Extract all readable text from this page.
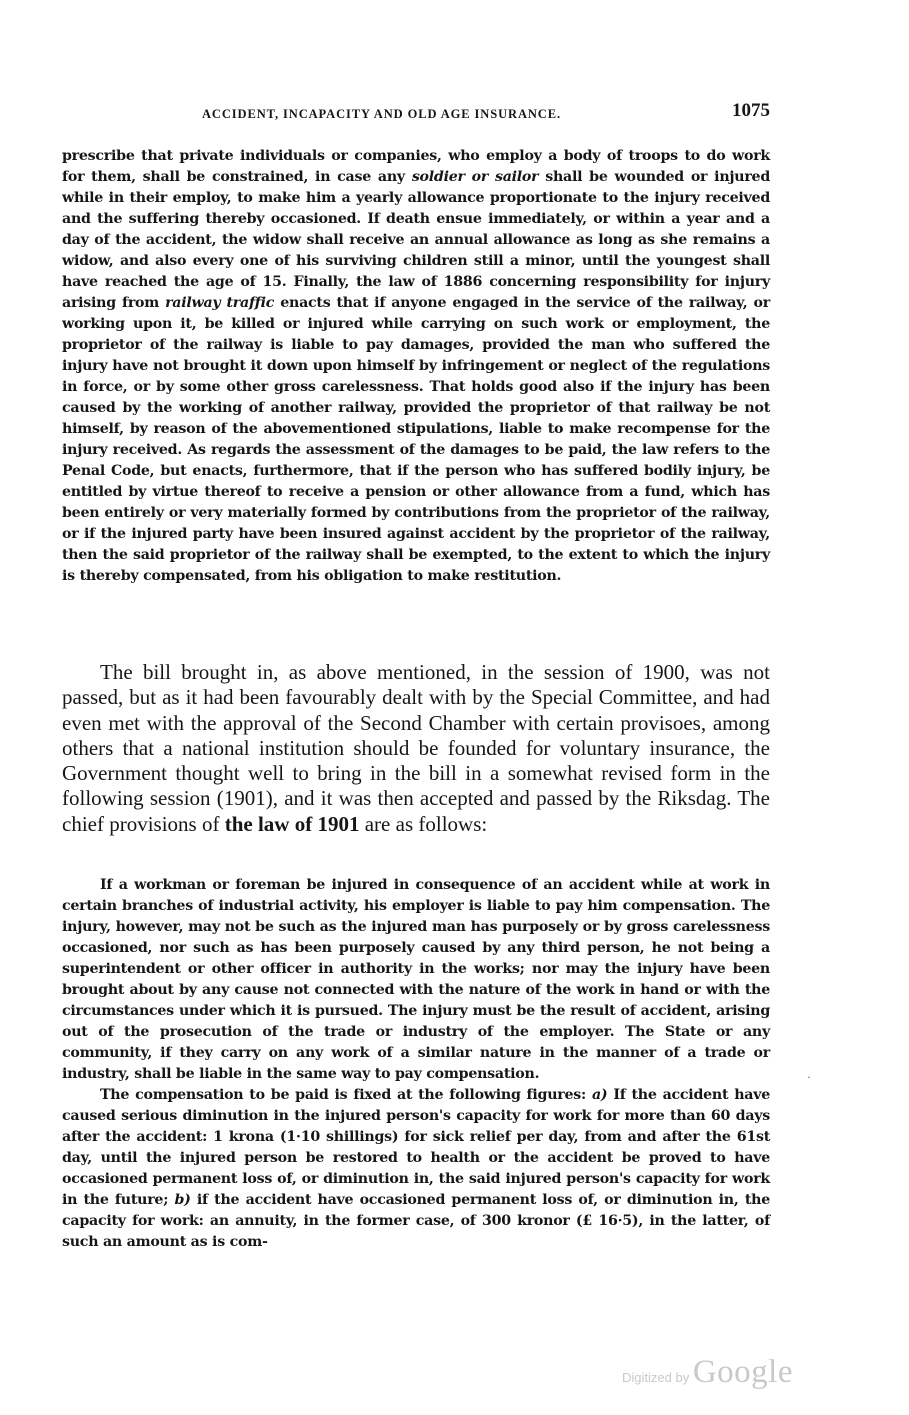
ACCIDENT, INCAPACITY AND OLD AGE INSURANCE.	1075

prescribe that private individuals or companies, who employ a body of troops to do work for them, shall be constrained, in case any soldier or sailor shall be wounded or injured while in their employ, to make him a yearly allowance proportionate to the injury received and the suffering thereby occasioned. If death ensue immediately, or within a year and a day of the accident, the widow shall receive an annual allowance as long as she remains a widow, and also every one of his surviving children still a minor, until the youngest shall have reached the age of 15. Finally, the law of 1886 concerning responsibility for injury arising from railway traffic enacts that if anyone engaged in the service of the railway, or working upon it, be killed or injured while carrying on such work or employment, the proprietor of the railway is liable to pay damages, provided the man who suffered the injury have not brought it down upon himself by infringement or neglect of the regulations in force, or by some other gross carelessness. That holds good also if the injury has been caused by the working of another railway, provided the proprietor of that railway be not himself, by reason of the abovementioned stipulations, liable to make recompense for the injury received. As regards the assessment of the damages to be paid, the law refers to the Penal Code, but enacts, furthermore, that if the person who has suffered bodily injury, be entitled by virtue thereof to receive a pension or other allowance from a fund, which has been entirely or very materially formed by contributions from the proprietor of the railway, or if the injured party have been insured against accident by the proprietor of the railway, then the said proprietor of the railway shall be exempted, to the extent to which the injury is thereby compensated, from his obligation to make restitution.

The bill brought in, as above mentioned, in the session of 1900, was not passed, but as it had been favourably dealt with by the Special Committee, and had even met with the approval of the Second Chamber with certain provisoes, among others that a national institution should be founded for voluntary insurance, the Government thought well to bring in the bill in a somewhat revised form in the following session (1901), and it was then accepted and passed by the Riksdag. The chief provisions of the law of 1901 are as follows:

If a workman or foreman be injured in consequence of an accident while at work in certain branches of industrial activity, his employer is liable to pay him compensation. The injury, however, may not be such as the injured man has purposely or by gross carelessness occasioned, nor such as has been purposely caused by any third person, he not being a superintendent or other officer in authority in the works; nor may the injury have been brought about by any cause not connected with the nature of the work in hand or with the circumstances under which it is pursued. The injury must be the result of accident, arising out of the prosecution of the trade or industry of the employer. The State or any community, if they carry on any work of a similar nature in the manner of a trade or industry, shall be liable in the same way to pay compensation.

The compensation to be paid is fixed at the following figures: a) If the accident have caused serious diminution in the injured person's capacity for work for more than 60 days after the accident: 1 krona (1·10 shillings) for sick relief per day, from and after the 61st day, until the injured person be restored to health or the accident be proved to have occasioned permanent loss of, or diminution in, the said injured person's capacity for work in the future; b) if the accident have occasioned permanent loss of, or diminution in, the capacity for work: an annuity, in the former case, of 300 kronor (£ 16·5), in the latter, of such an amount as is com-

˙
Digitized by Google
